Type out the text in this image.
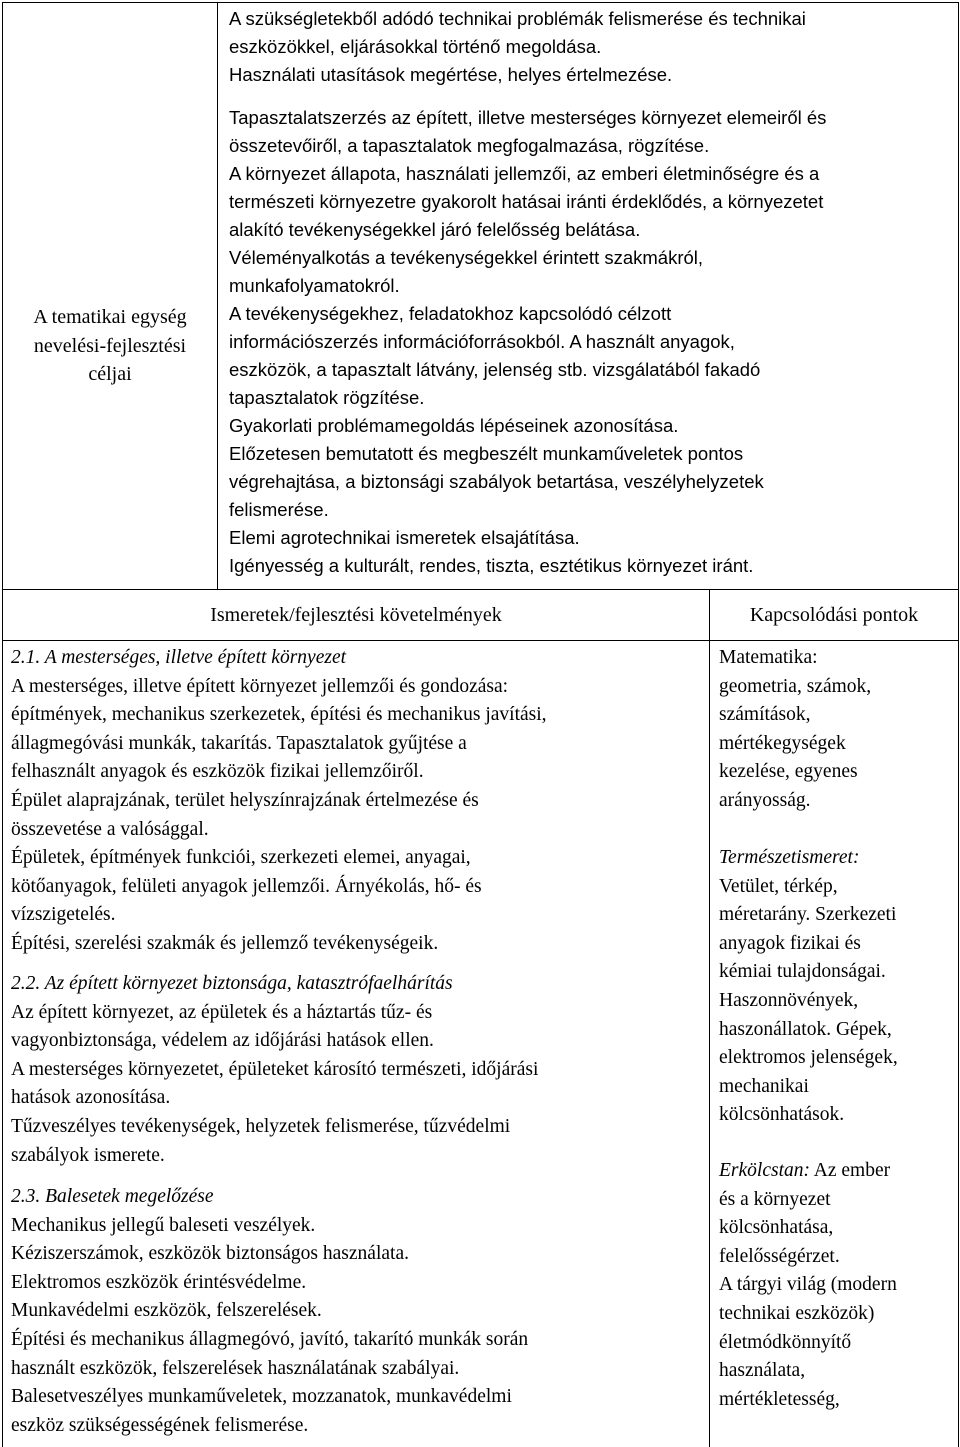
A tematikai egység
nevelési-fejlesztési
céljai
A szükségletekből adódó technikai problémák felismerése és technikai
eszközökkel, eljárásokkal történő megoldása.
Használati utasítások megértése, helyes értelmezése.
Tapasztalatszerzés az épített, illetve mesterséges környezet elemeiről és
összetevőiről, a tapasztalatok megfogalmazása, rögzítése.
A környezet állapota, használati jellemzői, az emberi életminőségre és a
természeti környezetre gyakorolt hatásai iránti érdeklődés, a környezetet
alakító tevékenységekkel járó felelősség belátása.
Véleményalkotás a tevékenységekkel érintett szakmákról,
munkafolyamatokról.
A tevékenységekhez, feladatokhoz kapcsolódó célzott
információszerzés információforrásokból. A használt anyagok,
eszközök, a tapasztalt látvány, jelenség stb. vizsgálatából fakadó
tapasztalatok rögzítése.
Gyakorlati problémamegoldás lépéseinek azonosítása.
Előzetesen bemutatott és megbeszélt munkaműveletek pontos
végrehajtása, a biztonsági szabályok betartása, veszélyhelyzetek
felismerése.
Elemi agrotechnikai ismeretek elsajátítása.
Igényesség a kulturált, rendes, tiszta, esztétikus környezet iránt.
Ismeretek/fejlesztési követelmények	Kapcsolódási pontok
2.1. A mesterséges, illetve épített környezet
A mesterséges, illetve épített környezet jellemzői és gondozása:
építmények, mechanikus szerkezetek, építési és mechanikus javítási,
állagmegóvási munkák, takarítás. Tapasztalatok gyűjtése a
felhasznált anyagok és eszközök fizikai jellemzőiről.
Épület alaprajzának, terület helyszínrajzának értelmezése és
összevetése a valósággal.
Épületek, építmények funkciói, szerkezeti elemei, anyagai,
kötőanyagok, felületi anyagok jellemzői. Árnyékolás, hő- és
vízszigetelés.
Építési, szerelési szakmák és jellemző tevékenységeik.
2.2. Az épített környezet biztonsága, katasztrófaelhárítás
Az épített környezet, az épületek és a háztartás tűz- és
vagyonbiztonsága, védelem az időjárási hatások ellen.
A mesterséges környezetet, épületeket károsító természeti, időjárási
hatások azonosítása.
Tűzveszélyes tevékenységek, helyzetek felismerése, tűzvédelmi
szabályok ismerete.
2.3. Balesetek megelőzése
Mechanikus jellegű baleseti veszélyek.
Kéziszerszámok, eszközök biztonságos használata.
Elektromos eszközök érintésvédelme.
Munkavédelmi eszközök, felszerelések.
Építési és mechanikus állagmegóvó, javító, takarító munkák során
használt eszközök, felszerelések használatának szabályai.
Balesetveszélyes munkaműveletek, mozzanatok, munkavédelmi
eszköz szükségességének felismerése.
Matematika:
geometria, számok,
számítások,
mértékegységek
kezelése, egyenes
arányosság.
Természetismeret:
Vetület, térkép,
méretarány. Szerkezeti
anyagok fizikai és
kémiai tulajdonságai.
Haszonnövények,
haszonállatok. Gépek,
elektromos jelenségek,
mechanikai
kölcsönhatások.
Erkölcstan: Az ember
és a környezet
kölcsönhatása,
felelősségérzet.
A tárgyi világ (modern
technikai eszközök)
életmódkönnyítő
használata,
mértékletesség,
